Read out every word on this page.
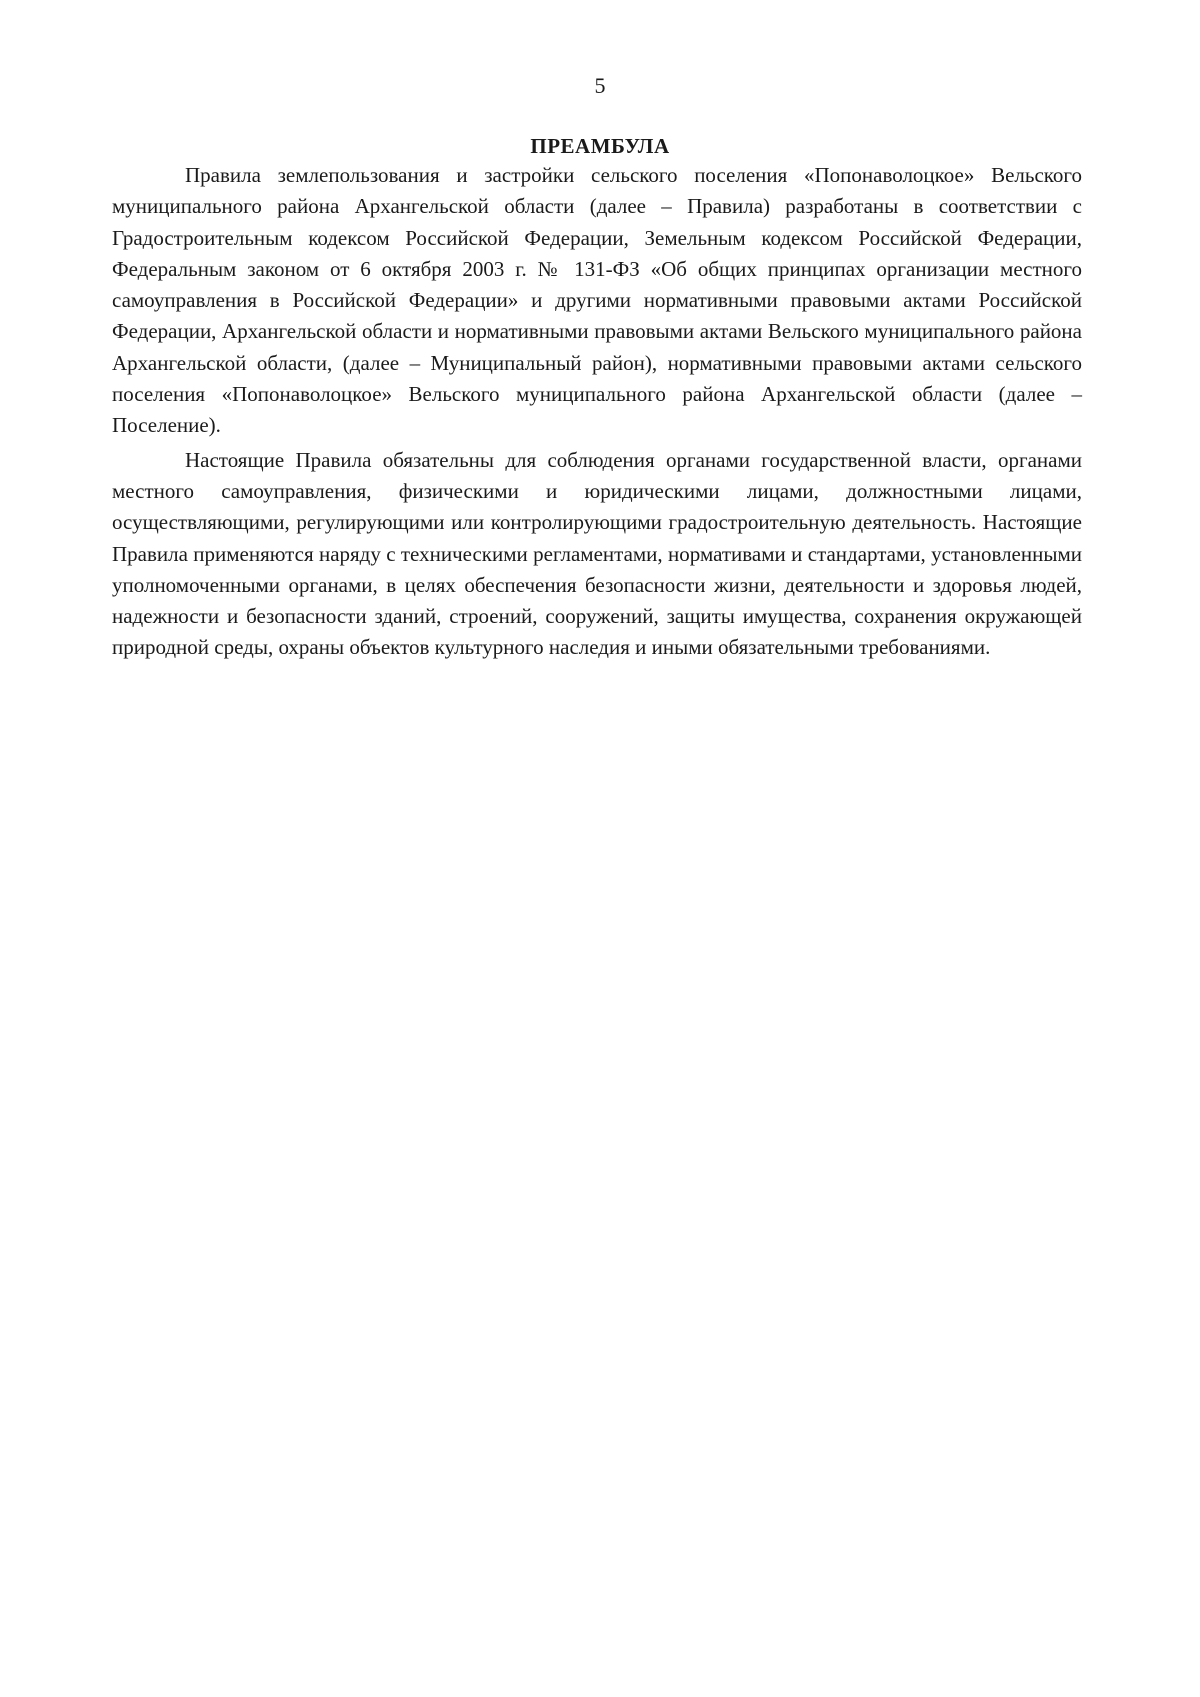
5
ПРЕАМБУЛА

Правила землепользования и застройки сельского поселения «Попонаволоцкое» Вельского муниципального района Архангельской области (далее – Правила) разработаны в соответствии с Градостроительным кодексом Российской Федерации, Земельным кодексом Российской Федерации, Федеральным законом от 6 октября 2003 г. № 131-ФЗ «Об общих принципах организации местного самоуправления в Российской Федерации» и другими нормативными правовыми актами Российской Федерации, Архангельской области и нормативными правовыми актами Вельского муниципального района Архангельской области, (далее – Муниципальный район), нормативными правовыми актами сельского поселения «Попонаволоцкое» Вельского муниципального района Архангельской области (далее – Поселение).

Настоящие Правила обязательны для соблюдения органами государственной власти, органами местного самоуправления, физическими и юридическими лицами, должностными лицами, осуществляющими, регулирующими или контролирующими градостроительную деятельность. Настоящие Правила применяются наряду с техническими регламентами, нормативами и стандартами, установленными уполномоченными органами, в целях обеспечения безопасности жизни, деятельности и здоровья людей, надежности и безопасности зданий, строений, сооружений, защиты имущества, сохранения окружающей природной среды, охраны объектов культурного наследия и иными обязательными требованиями.
